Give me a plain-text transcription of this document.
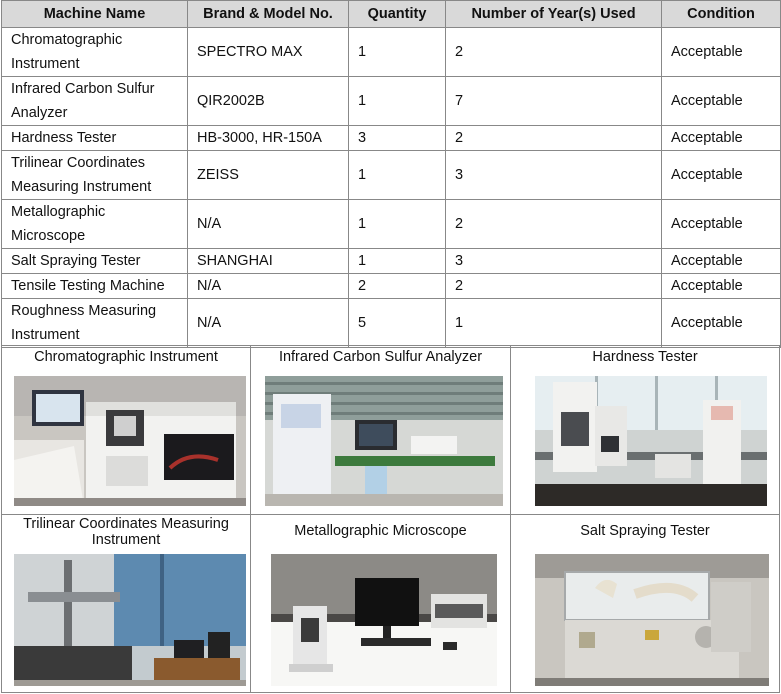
Machine Name	Brand & Model No.	Quantity	Number of Year(s) Used	Condition
Chromatographic Instrument	SPECTRO MAX	1	2	Acceptable
Infrared Carbon Sulfur Analyzer	QIR2002B	1	7	Acceptable
Hardness Tester	HB-3000, HR-150A	3	2	Acceptable
Trilinear Coordinates Measuring Instrument	ZEISS	1	3	Acceptable
Metallographic Microscope	N/A	1	2	Acceptable
Salt Spraying Tester	SHANGHAI	1	3	Acceptable
Tensile Testing Machine	N/A	2	2	Acceptable
Roughness Measuring Instrument	N/A	5	1	Acceptable
Chromatographic Instrument	Infrared Carbon Sulfur Analyzer	Hardness Tester
Trilinear Coordinates Measuring Instrument
Metallographic Microscope	Salt Spraying Tester
